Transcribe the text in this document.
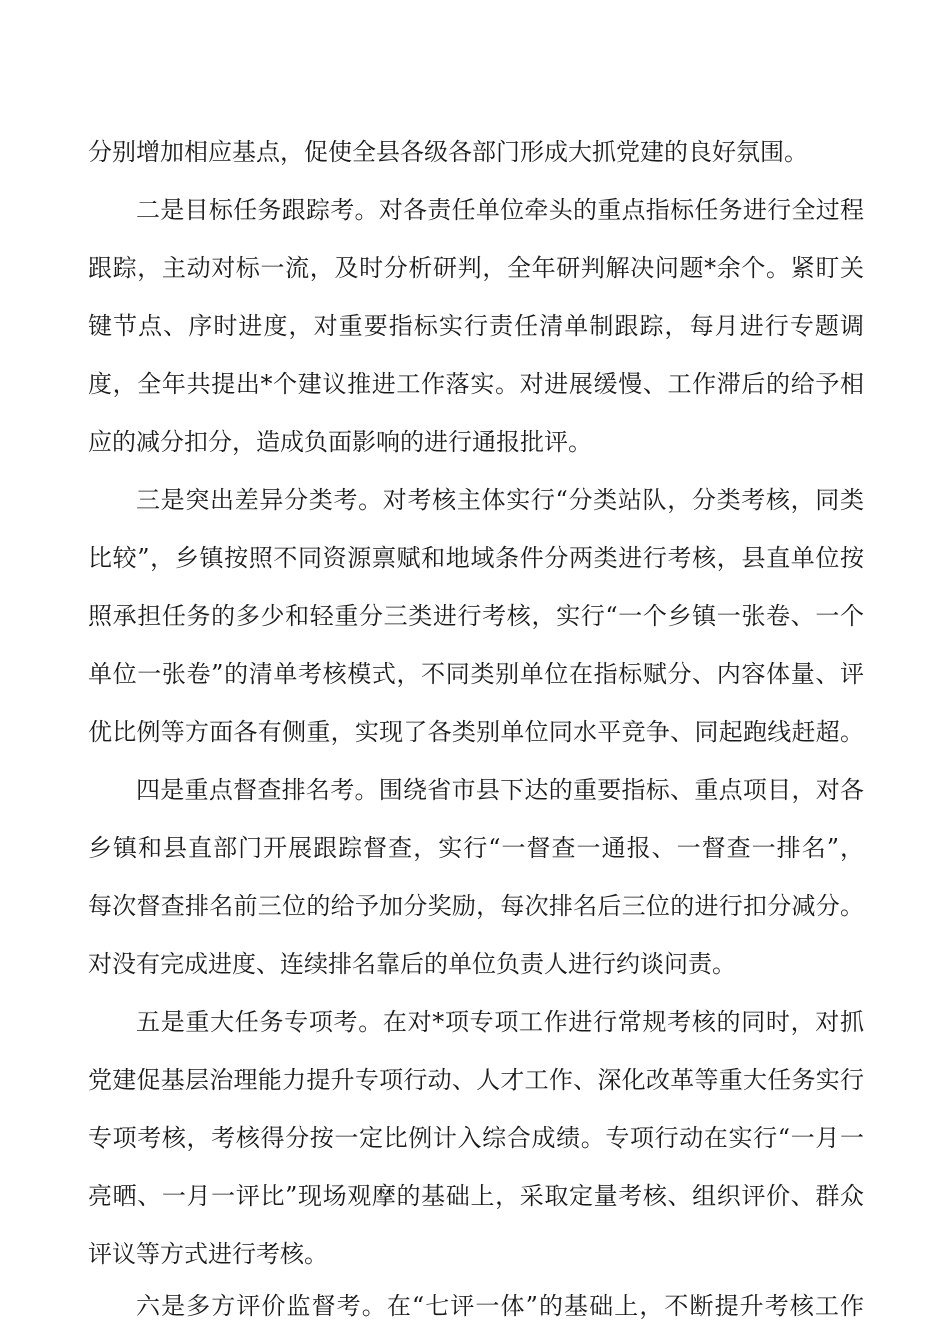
分别增加相应基点，促使全县各级各部门形成大抓党建的良好氛围。

二是目标任务跟踪考。对各责任单位牵头的重点指标任务进行全过程

跟踪，主动对标一流，及时分析研判，全年研判解决问题*余个。紧盯关

键节点、序时进度，对重要指标实行责任清单制跟踪，每月进行专题调

度，全年共提出*个建议推进工作落实。对进展缓慢、工作滞后的给予相

应的减分扣分，造成负面影响的进行通报批评。

三是突出差异分类考。对考核主体实行“分类站队，分类考核，同类

比较”，乡镇按照不同资源禀赋和地域条件分两类进行考核，县直单位按

照承担任务的多少和轻重分三类进行考核，实行“一个乡镇一张卷、一个

单位一张卷”的清单考核模式，不同类别单位在指标赋分、内容体量、评

优比例等方面各有侧重，实现了各类别单位同水平竞争、同起跑线赶超。

四是重点督查排名考。围绕省市县下达的重要指标、重点项目，对各

乡镇和县直部门开展跟踪督查，实行“一督查一通报、一督查一排名”，

每次督查排名前三位的给予加分奖励，每次排名后三位的进行扣分减分。

对没有完成进度、连续排名靠后的单位负责人进行约谈问责。

五是重大任务专项考。在对*项专项工作进行常规考核的同时，对抓

党建促基层治理能力提升专项行动、人才工作、深化改革等重大任务实行

专项考核，考核得分按一定比例计入综合成绩。专项行动在实行“一月一

亮晒、一月一评比”现场观摩的基础上，采取定量考核、组织评价、群众

评议等方式进行考核。

六是多方评价监督考。在“七评一体”的基础上，不断提升考核工作
